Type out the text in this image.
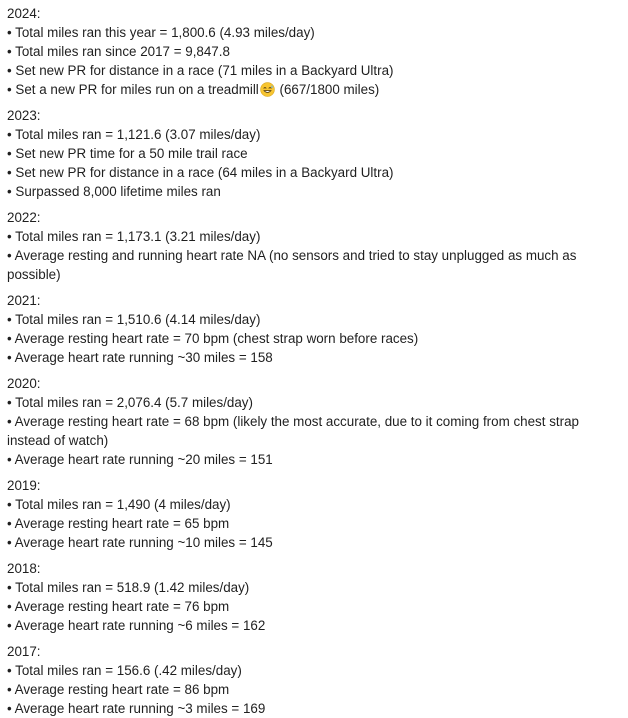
2024:
• Total miles ran this year = 1,800.6 (4.93 miles/day)
• Total miles ran since 2017 = 9,847.8
• Set new PR for distance in a race (71 miles in a Backyard Ultra)
• Set a new PR for miles run on a treadmill (667/1800 miles)
2023:
• Total miles ran = 1,121.6 (3.07 miles/day)
• Set new PR time for a 50 mile trail race
• Set new PR for distance in a race (64 miles in a Backyard Ultra)
• Surpassed 8,000 lifetime miles ran
2022:
• Total miles ran = 1,173.1 (3.21 miles/day)
• Average resting and running heart rate NA (no sensors and tried to stay unplugged as much as possible)
2021:
• Total miles ran = 1,510.6 (4.14 miles/day)
• Average resting heart rate = 70 bpm (chest strap worn before races)
• Average heart rate running ~30 miles = 158
2020:
• Total miles ran = 2,076.4 (5.7 miles/day)
• Average resting heart rate = 68 bpm (likely the most accurate, due to it coming from chest strap instead of watch)
• Average heart rate running ~20 miles = 151
2019:
• Total miles ran = 1,490 (4 miles/day)
• Average resting heart rate = 65 bpm
• Average heart rate running ~10 miles = 145
2018:
• Total miles ran = 518.9 (1.42 miles/day)
• Average resting heart rate = 76 bpm
• Average heart rate running ~6 miles = 162
2017:
• Total miles ran = 156.6 (.42 miles/day)
• Average resting heart rate = 86 bpm
• Average heart rate running ~3 miles = 169
